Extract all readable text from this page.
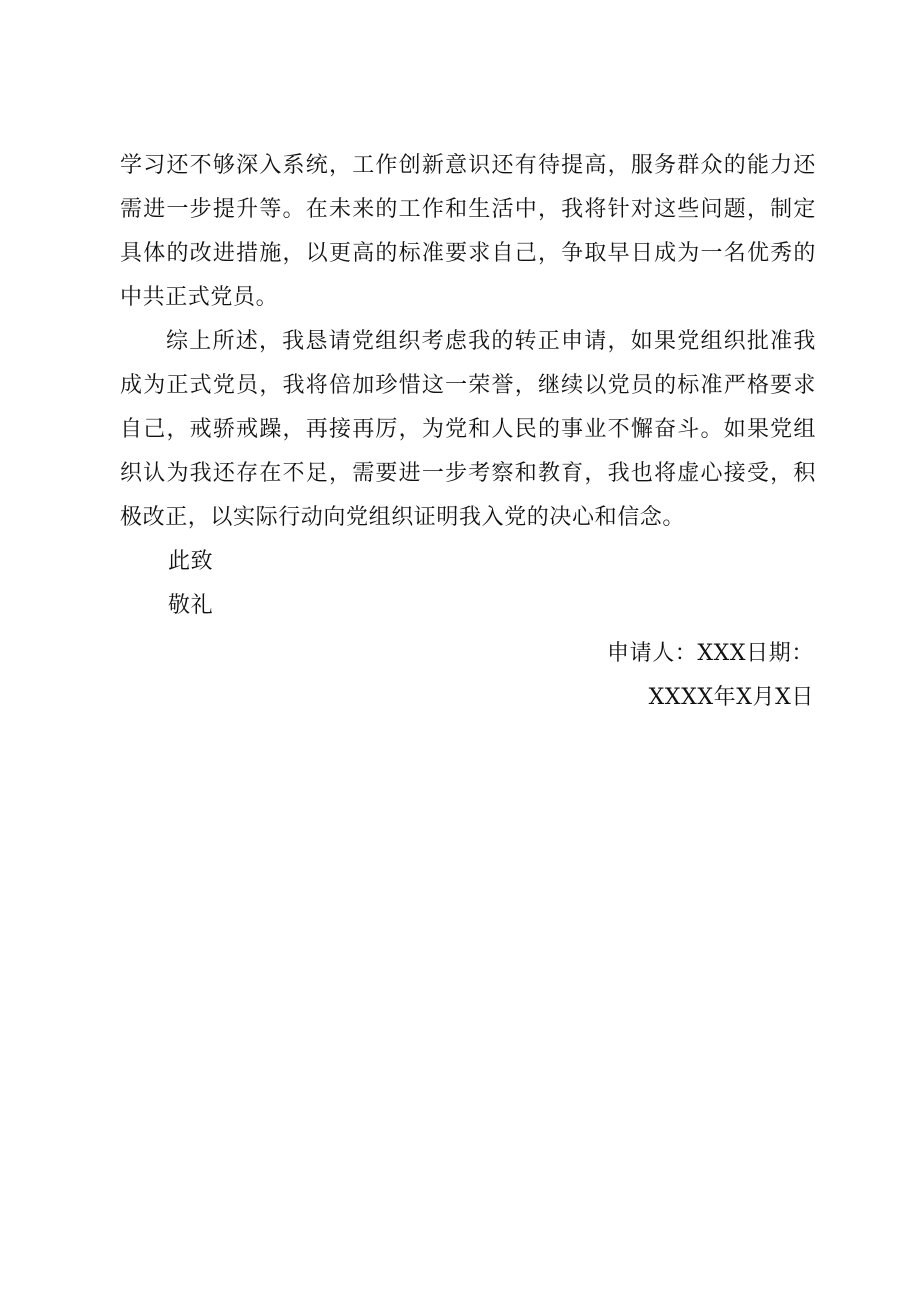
学习还不够深入系统，工作创新意识还有待提高，服务群众的能力还需进一步提升等。在未来的工作和生活中，我将针对这些问题，制定具体的改进措施，以更高的标准要求自己，争取早日成为一名优秀的中共正式党员。

综上所述，我恳请党组织考虑我的转正申请，如果党组织批准我成为正式党员，我将倍加珍惜这一荣誉，继续以党员的标准严格要求自己，戒骄戒躁，再接再厉，为党和人民的事业不懈奋斗。如果党组织认为我还存在不足，需要进一步考察和教育，我也将虚心接受，积极改正，以实际行动向党组织证明我入党的决心和信念。

此致

敬礼

申请人：XXX日期：

XXXX年X月X日
